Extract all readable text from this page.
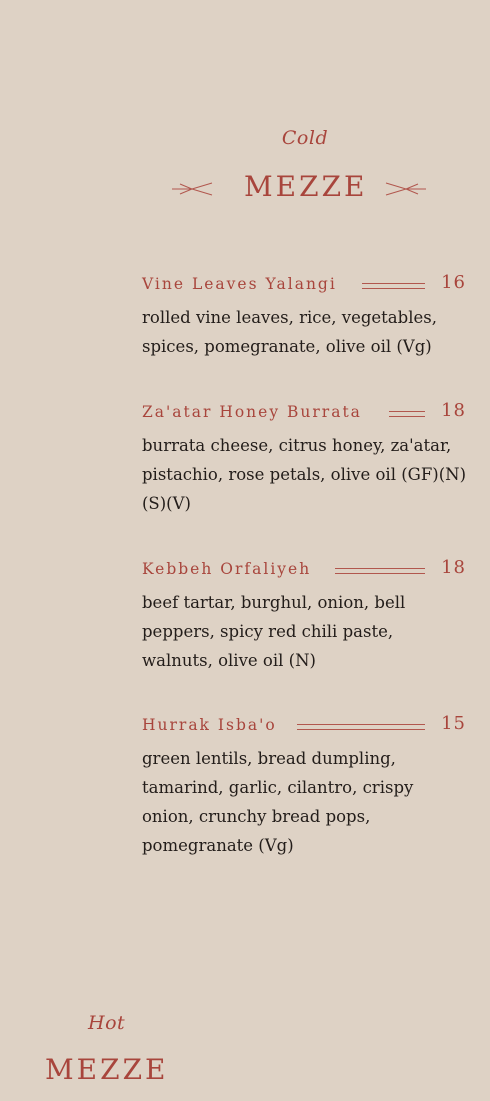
Cold
MEZZE
Vine Leaves Yalangi	16
rolled vine leaves, rice, vegetables, spices, pomegranate, olive oil (Vg)
Za'atar Honey Burrata	18
burrata cheese, citrus honey, za'atar, pistachio, rose petals, olive oil (GF)(N)(S)(V)
Kebbeh Orfaliyeh	18
beef tartar, burghul, onion, bell peppers, spicy red chili paste, walnuts, olive oil (N)
Hurrak Isba'o	15
green lentils, bread dumpling, tamarind, garlic, cilantro, crispy onion, crunchy bread pops, pomegranate (Vg)
Hot
MEZZE
